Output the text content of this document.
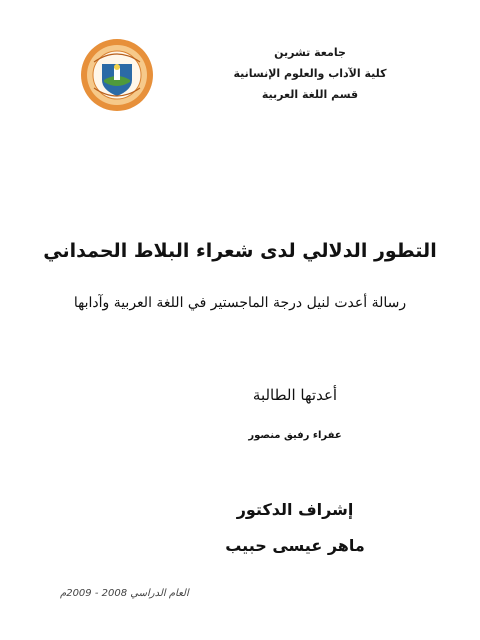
جامعة تشرين
كلية الآداب والعلوم الإنسانية
قسم اللغة العربية
التطور الدلالي لدى شعراء البلاط الحمداني
رسالة أعدت لنيل درجة الماجستير في اللغة العربية وآدابها
أعدتها الطالبة
عفراء رفيق منصور
إشراف الدكتور
ماهر عيسى حبيب
العام الدراسي 2008 - 2009م
